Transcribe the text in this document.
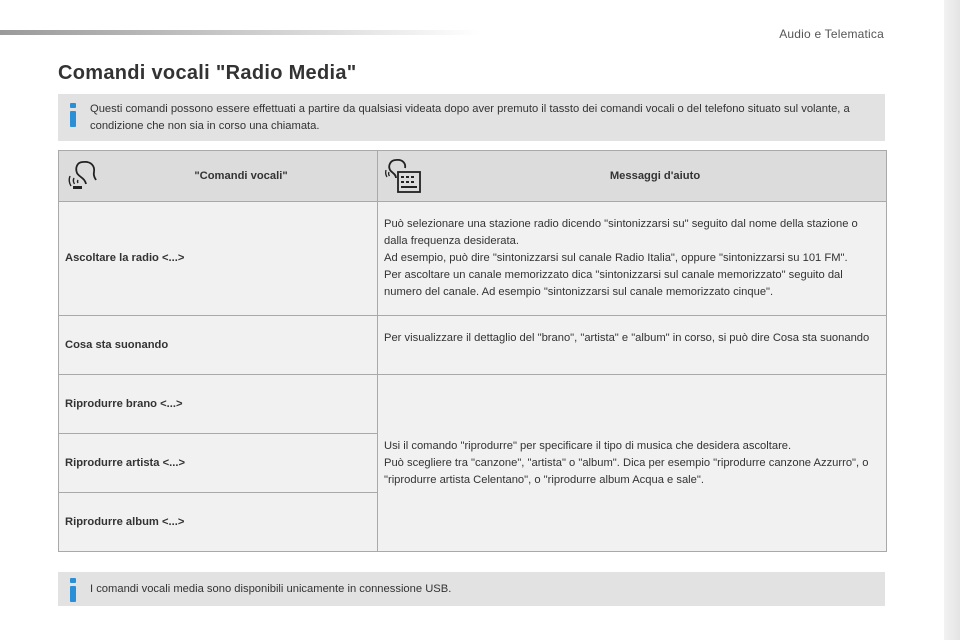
Audio e Telematica
Comandi vocali "Radio Media"
Questi comandi possono essere effettuati a partire da qualsiasi videata dopo aver premuto il tassto dei comandi vocali o del telefono situato sul volante, a condizione che non sia in corso una chiamata.
"Comandi vocali"	Messaggi d'aiuto

Ascoltare la radio <...>	Può selezionare una stazione radio dicendo "sintonizzarsi su" seguito dal nome della stazione o dalla frequenza desiderata.
Ad esempio, può dire "sintonizzarsi sul canale Radio Italia", oppure "sintonizzarsi su 101 FM".
Per ascoltare un canale memorizzato dica "sintonizzarsi sul canale memorizzato" seguito dal numero del canale. Ad esempio "sintonizzarsi sul canale memorizzato cinque".

Cosa sta suonando	Per visualizzare il dettaglio del "brano", "artista" e "album" in corso, si può dire Cosa sta suonando

Riprodurre brano <...>	Usi il comando "riprodurre" per specificare il tipo di musica che desidera ascoltare.
Può scegliere tra "canzone", "artista" o "album". Dica per esempio "riprodurre canzone Azzurro", o "riprodurre artista Celentano", o "riprodurre album Acqua e sale".

Riprodurre artista <...>	
Riprodurre album <...>	
I comandi vocali media sono disponibili unicamente in connessione USB.
